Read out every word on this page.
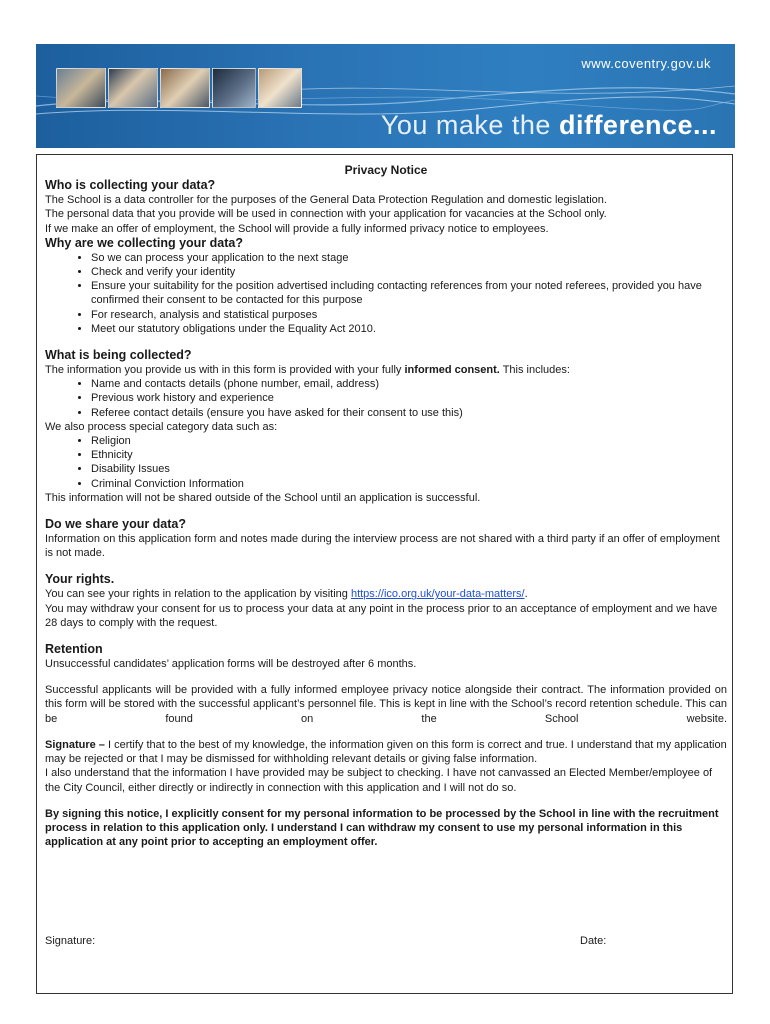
www.coventry.gov.uk
You make the difference...
Privacy Notice
Who is collecting your data?

The School is a data controller for the purposes of the General Data Protection Regulation and domestic legislation.

The personal data that you provide will be used in connection with your application for vacancies at the School only.

If we make an offer of employment, the School will provide a fully informed privacy notice to employees.

Why are we collecting your data?
• So we can process your application to the next stage
• Check and verify your identity
• Ensure your suitability for the position advertised including contacting references from your noted referees, provided you have confirmed their consent to be contacted for this purpose
• For research, analysis and statistical purposes
• Meet our statutory obligations under the Equality Act 2010.
What is being collected?

The information you provide us with in this form is provided with your fully informed consent. This includes:

• Name and contacts details (phone number, email, address)
• Previous work history and experience
• Referee contact details (ensure you have asked for their consent to use this)

We also process special category data such as:

• Religion
• Ethnicity
• Disability Issues
• Criminal Conviction Information

This information will not be shared outside of the School until an application is successful.

Do we share your data?

Information on this application form and notes made during the interview process are not shared with a third party if an offer of employment is not made.

Your rights.

You can see your rights in relation to the application by visiting https://ico.org.uk/your-data-matters/.

You may withdraw your consent for us to process your data at any point in the process prior to an acceptance of employment and we have 28 days to comply with the request.

Retention

Unsuccessful candidates’ application forms will be destroyed after 6 months.

Successful applicants will be provided with a fully informed employee privacy notice alongside their contract. The information provided on this form will be stored with the successful applicant’s personnel file. This is kept in line with the School’s record retention schedule. This can be found on the School website.

Signature – I certify that to the best of my knowledge, the information given on this form is correct and true. I understand that my application may be rejected or that I may be dismissed for withholding relevant details or giving false information.

I also understand that the information I have provided may be subject to checking. I have not canvassed an Elected Member/employee of the City Council, either directly or indirectly in connection with this application and I will not do so.

By signing this notice, I explicitly consent for my personal information to be processed by the School in line with the recruitment process in relation to this application only. I understand I can withdraw my consent to use my personal information in this application at any point prior to accepting an employment offer.

Signature:	Date:
